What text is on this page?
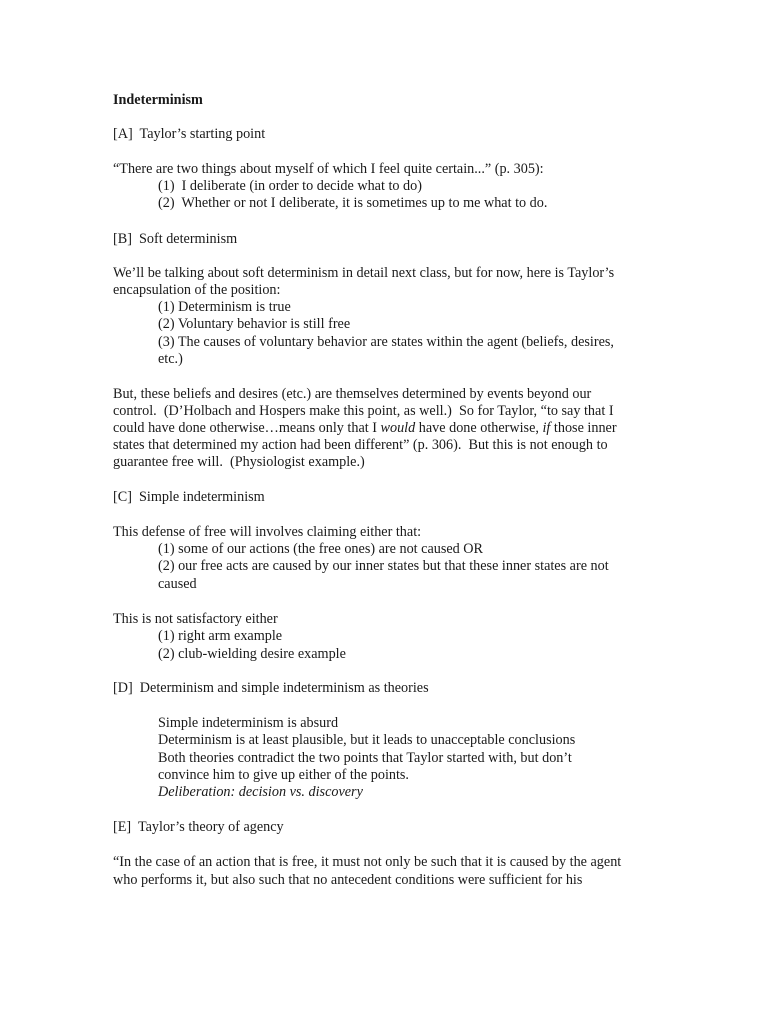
Indeterminism
[A]  Taylor’s starting point
“There are two things about myself of which I feel quite certain...” (p. 305):
(1)  I deliberate (in order to decide what to do)
(2)  Whether or not I deliberate, it is sometimes up to me what to do.
[B]  Soft determinism
We’ll be talking about soft determinism in detail next class, but for now, here is Taylor’s
encapsulation of the position:
(1) Determinism is true
(2) Voluntary behavior is still free
(3) The causes of voluntary behavior are states within the agent (beliefs, desires,
etc.)
But, these beliefs and desires (etc.) are themselves determined by events beyond our
control.  (D’Holbach and Hospers make this point, as well.)  So for Taylor, “to say that I
could have done otherwise…means only that I would have done otherwise, if those inner
states that determined my action had been different” (p. 306).  But this is not enough to
guarantee free will.  (Physiologist example.)
[C]  Simple indeterminism
This defense of free will involves claiming either that:
(1) some of our actions (the free ones) are not caused OR
(2) our free acts are caused by our inner states but that these inner states are not
caused
This is not satisfactory either
(1) right arm example
(2) club-wielding desire example
[D]  Determinism and simple indeterminism as theories
Simple indeterminism is absurd
Determinism is at least plausible, but it leads to unacceptable conclusions
Both theories contradict the two points that Taylor started with, but don’t
convince him to give up either of the points.
Deliberation: decision vs. discovery
[E]  Taylor’s theory of agency
“In the case of an action that is free, it must not only be such that it is caused by the agent
who performs it, but also such that no antecedent conditions were sufficient for his
